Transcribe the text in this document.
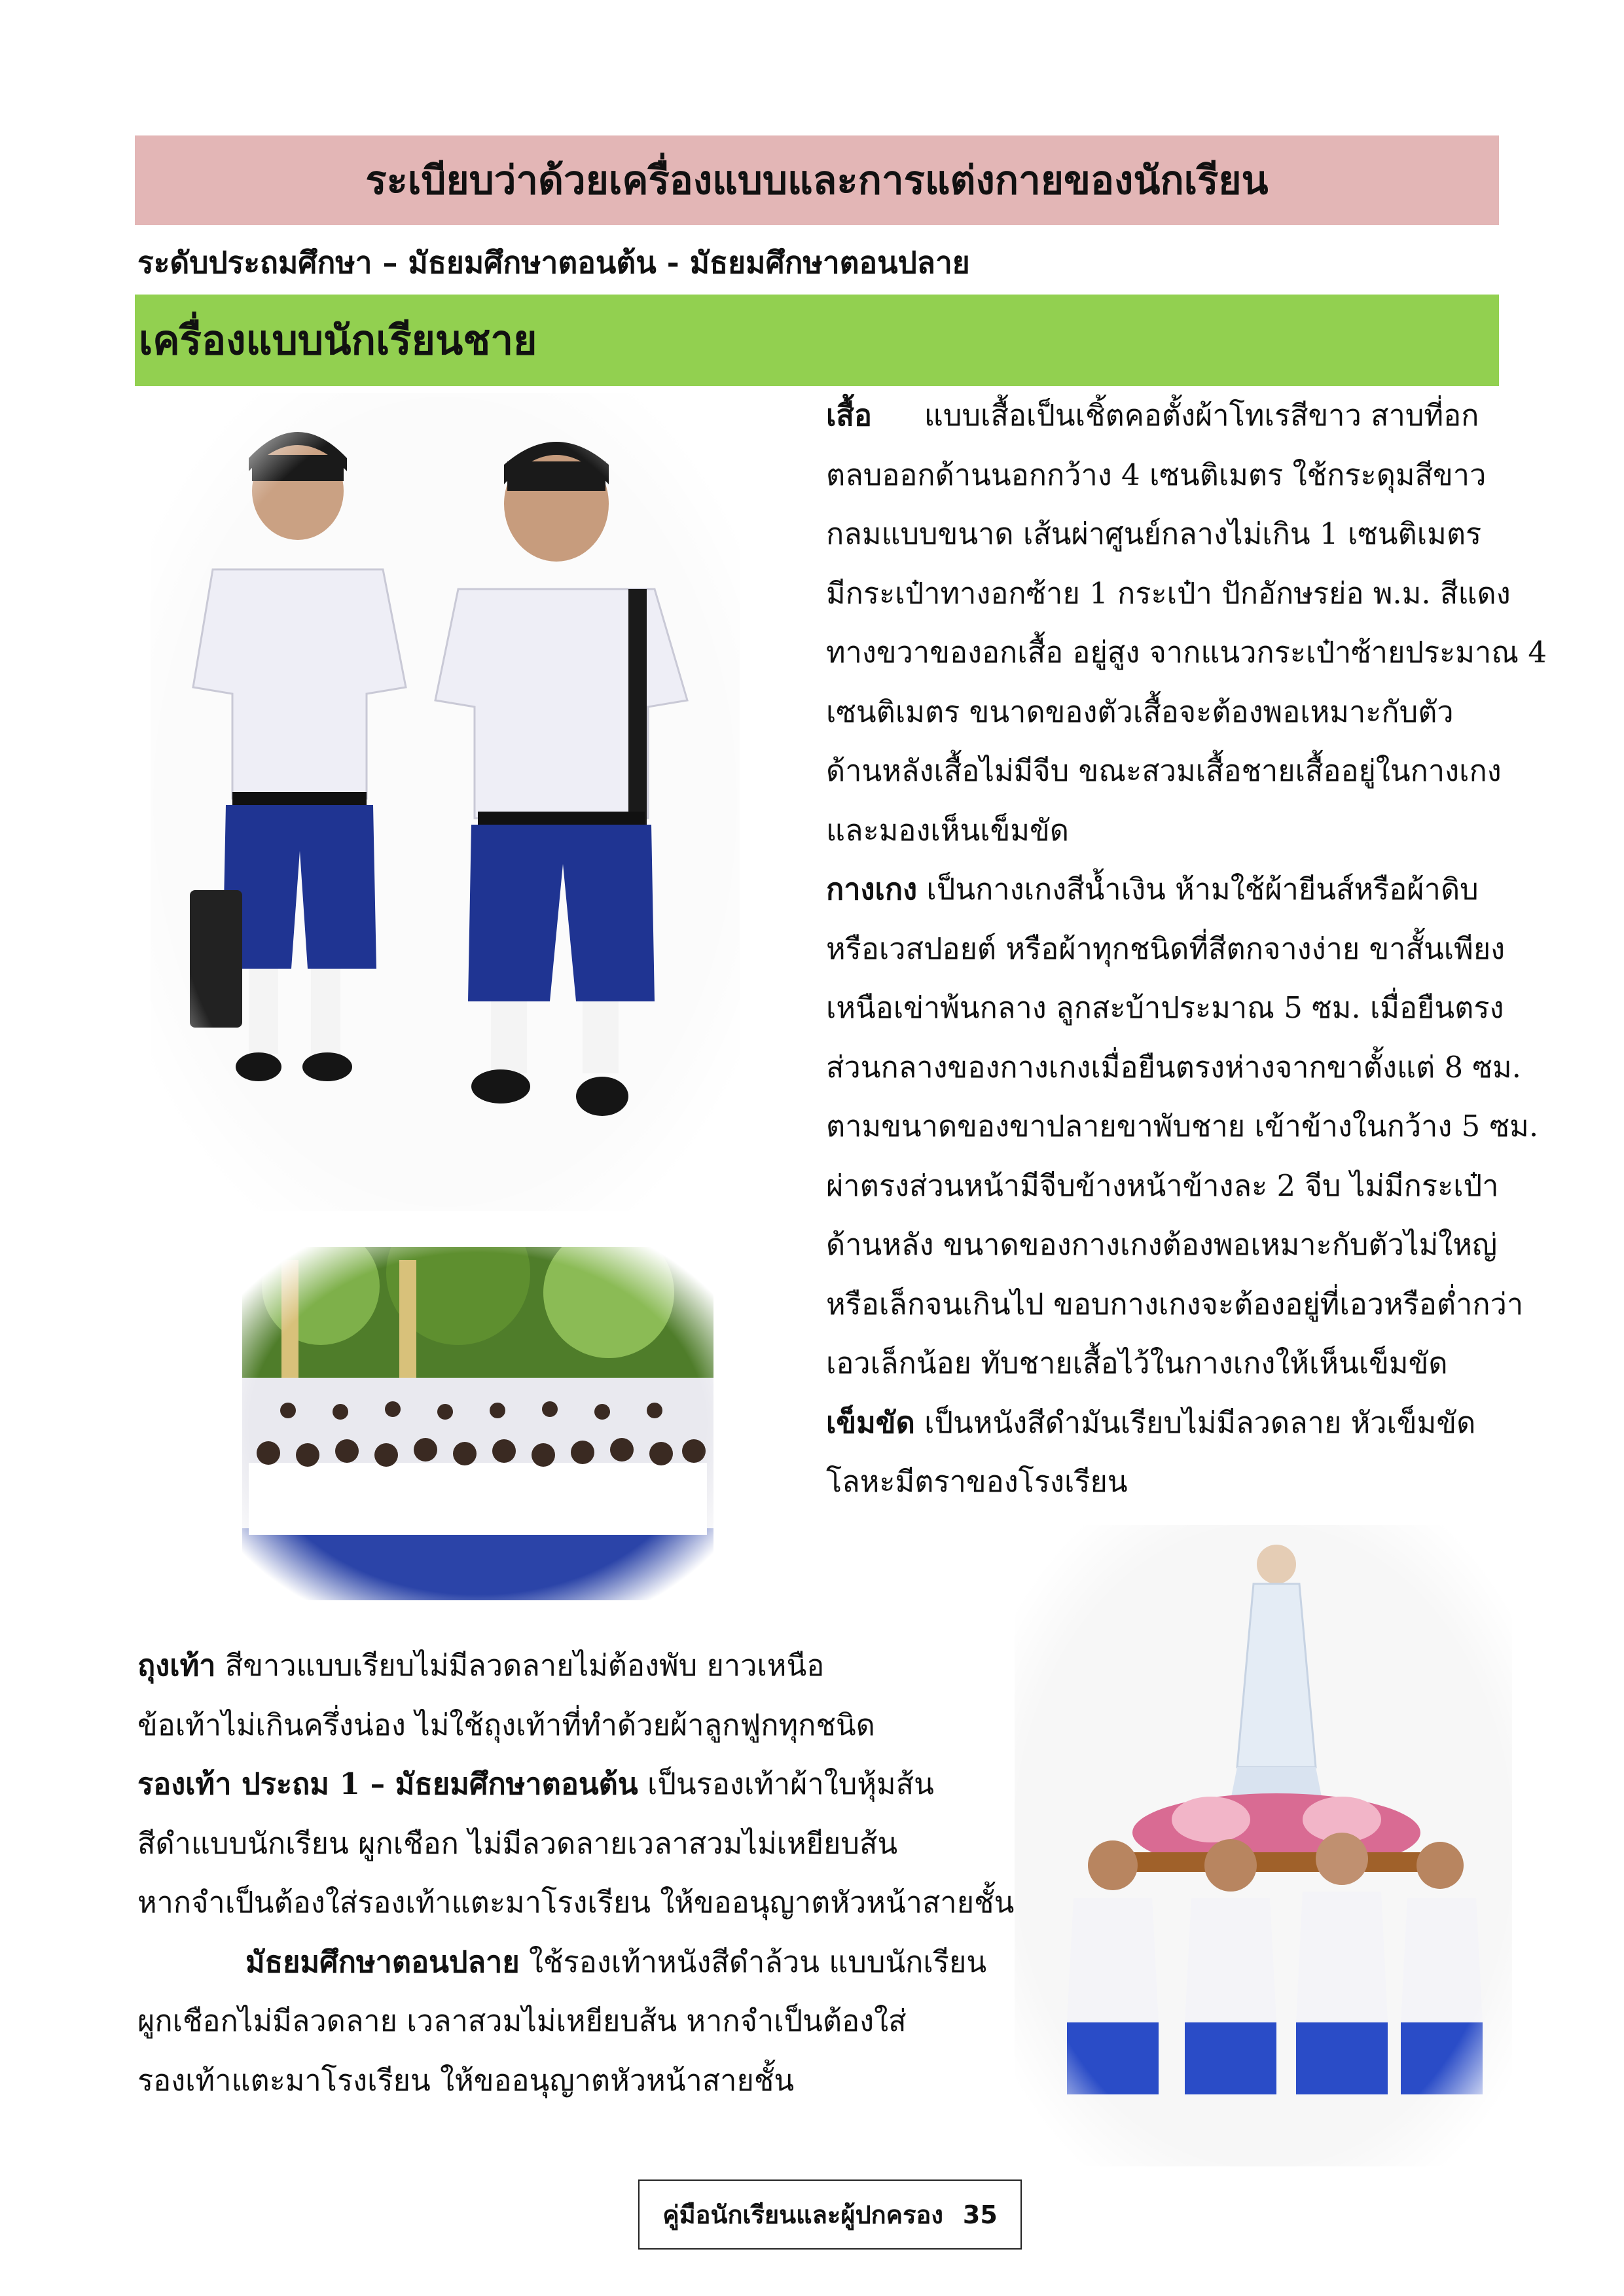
ระเบียบว่าด้วยเครื่องแบบและการแต่งกายของนักเรียน
ระดับประถมศึกษา – มัธยมศึกษาตอนต้น - มัธยมศึกษาตอนปลาย
เครื่องแบบนักเรียนชาย

เสื้อ แบบเสื้อเป็นเชิ้ตคอตั้งผ้าโทเรสีขาว สาบที่อก

ตลบออกด้านนอกกว้าง 4 เซนติเมตร ใช้กระดุมสีขาว

กลมแบบขนาด เส้นผ่าศูนย์กลางไม่เกิน 1 เซนติเมตร

มีกระเป๋าทางอกซ้าย 1 กระเป๋า ปักอักษรย่อ พ.ม. สีแดง

ทางขวาของอกเสื้อ อยู่สูง จากแนวกระเป๋าซ้ายประมาณ 4

เซนติเมตร ขนาดของตัวเสื้อจะต้องพอเหมาะกับตัว

ด้านหลังเสื้อไม่มีจีบ ขณะสวมเสื้อชายเสื้ออยู่ในกางเกง

และมองเห็นเข็มขัด

กางเกง เป็นกางเกงสีน้ำเงิน ห้ามใช้ผ้ายีนส์หรือผ้าดิบ

หรือเวสปอยต์ หรือผ้าทุกชนิดที่สีตกจางง่าย ขาสั้นเพียง

เหนือเข่าพ้นกลาง ลูกสะบ้าประมาณ 5 ซม. เมื่อยืนตรง

ส่วนกลางของกางเกงเมื่อยืนตรงห่างจากขาตั้งแต่ 8 ซม.

ตามขนาดของขาปลายขาพับชาย เข้าข้างในกว้าง 5 ซม.

ผ่าตรงส่วนหน้ามีจีบข้างหน้าข้างละ 2 จีบ ไม่มีกระเป๋า

ด้านหลัง ขนาดของกางเกงต้องพอเหมาะกับตัวไม่ใหญ่

หรือเล็กจนเกินไป ขอบกางเกงจะต้องอยู่ที่เอวหรือต่ำกว่า

เอวเล็กน้อย ทับชายเสื้อไว้ในกางเกงให้เห็นเข็มขัด

เข็มขัด เป็นหนังสีดำมันเรียบไม่มีลวดลาย หัวเข็มขัด

โลหะมีตราของโรงเรียน

ถุงเท้า สีขาวแบบเรียบไม่มีลวดลายไม่ต้องพับ ยาวเหนือ

ข้อเท้าไม่เกินครึ่งน่อง ไม่ใช้ถุงเท้าที่ทำด้วยผ้าลูกฟูกทุกชนิด

รองเท้า ประถม 1 – มัธยมศึกษาตอนต้น เป็นรองเท้าผ้าใบหุ้มส้น

สีดำแบบนักเรียน ผูกเชือก ไม่มีลวดลายเวลาสวมไม่เหยียบส้น

หากจำเป็นต้องใส่รองเท้าแตะมาโรงเรียน ให้ขออนุญาตหัวหน้าสายชั้น

มัธยมศึกษาตอนปลาย ใช้รองเท้าหนังสีดำล้วน แบบนักเรียน

ผูกเชือกไม่มีลวดลาย เวลาสวมไม่เหยียบส้น หากจำเป็นต้องใส่

รองเท้าแตะมาโรงเรียน ให้ขออนุญาตหัวหน้าสายชั้น

คู่มือนักเรียนและผู้ปกครอง 35
